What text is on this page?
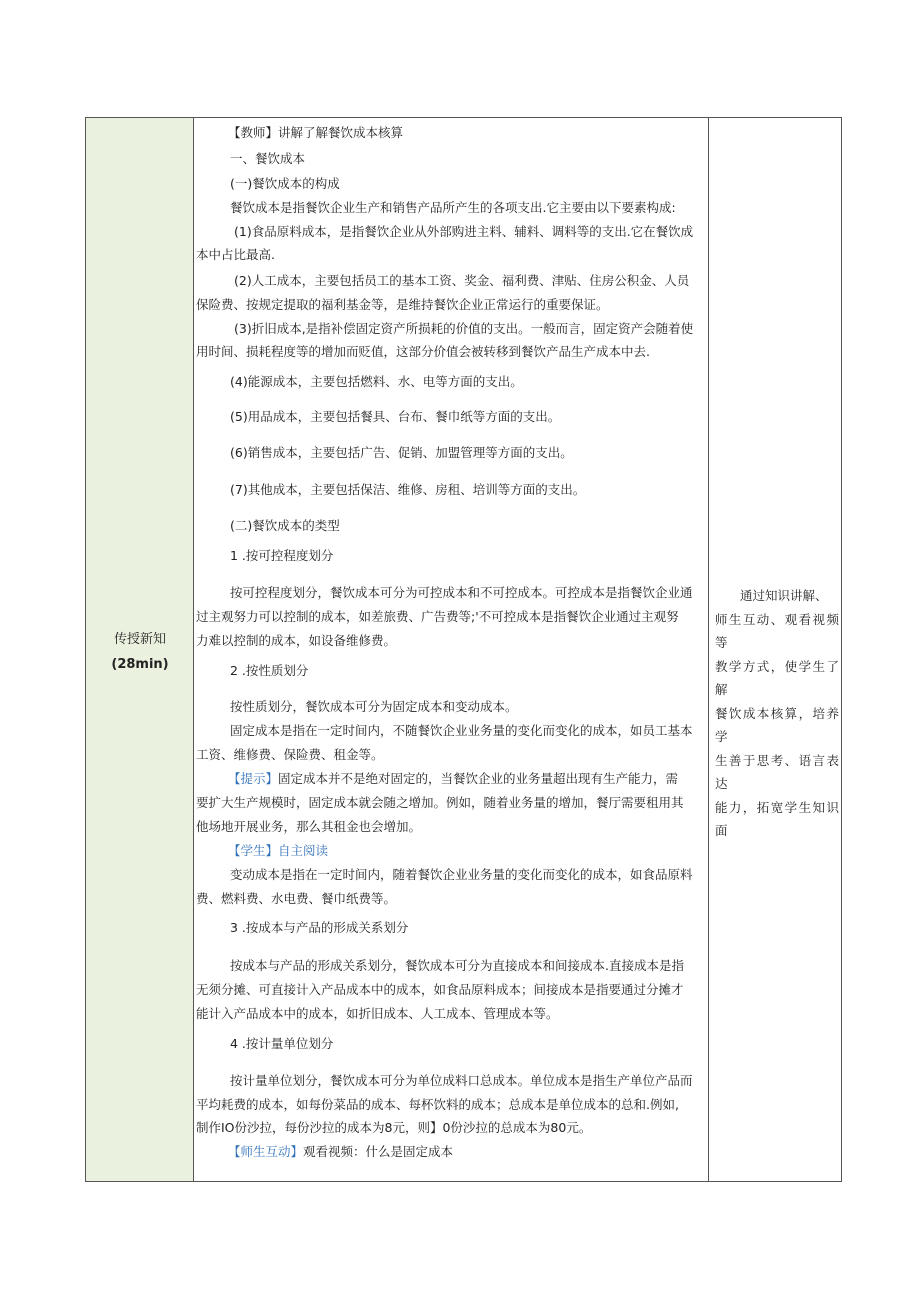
传授新知
(28min)
通过知识讲解、
师生互动、观看视频等
教学方式，使学生了解
餐饮成本核算，培养学
生善于思考、语言表达
能力，拓宽学生知识面
【教师】讲解了解餐饮成本核算
一、餐饮成本
(一)餐饮成本的构成
餐饮成本是指餐饮企业生产和销售产品所产生的各项支出.它主要由以下要素构成:
(1)食品原料成本，是指餐饮企业从外部购进主料、辅料、调料等的支出.它在餐饮成
本中占比最高.
(2)人工成本，主要包括员工的基本工资、奖金、福利费、津贴、住房公积金、人员
保险费、按规定提取的福利基金等，是维持餐饮企业正常运行的重要保证。
(3)折旧成本,是指补偿固定资产所损耗的价值的支出。一般而言，固定资产会随着使
用时间、损耗程度等的增加而贬值，这部分价值会被转移到餐饮产品生产成本中去.
(4)能源成本，主要包括燃料、水、电等方面的支出。
(5)用品成本，主要包括餐具、台布、餐巾纸等方面的支出。
(6)销售成本，主要包括广告、促销、加盟管理等方面的支出。
(7)其他成本，主要包括保洁、维修、房租、培训等方面的支出。
(二)餐饮成本的类型
1 .按可控程度划分
按可控程度划分，餐饮成本可分为可控成本和不可控成本。可控成本是指餐饮企业通
过主观努力可以控制的成本，如差旅费、广告费等;'不可控成本是指餐饮企业通过主观努
力难以控制的成本，如设备维修费。
2 .按性质划分
按性质划分，餐饮成本可分为固定成本和变动成本。
固定成本是指在一定时间内，不随餐饮企业业务量的变化而变化的成本，如员工基本
工资、维修费、保险费、租金等。
【提示】固定成本并不是绝对固定的，当餐饮企业的业务量超出现有生产能力，需
要扩大生产规模时，固定成本就会随之增加。例如，随着业务量的增加，餐厅需要租用其
他场地开展业务，那么其租金也会增加。
【学生】自主阅读
变动成本是指在一定时间内，随着餐饮企业业务量的变化而变化的成本，如食品原料
费、燃料费、水电费、餐巾纸费等。
3 .按成本与产品的形成关系划分
按成本与产品的形成关系划分，餐饮成本可分为直接成本和间接成本.直接成本是指
无须分摊、可直接计入产品成本中的成本，如食品原料成本；间接成本是指要通过分摊才
能计入产品成本中的成本，如折旧成本、人工成本、管理成本等。
4 .按计量单位划分
按计量单位划分，餐饮成本可分为单位成料口总成本。单位成本是指生产单位产品而
平均耗费的成本，如每份菜品的成本、每杯饮料的成本；总成本是单位成本的总和.例如,
制作IO份沙拉，每份沙拉的成本为8元，则】0份沙拉的总成本为80元。
【师生互动】观看视频：什么是固定成本
